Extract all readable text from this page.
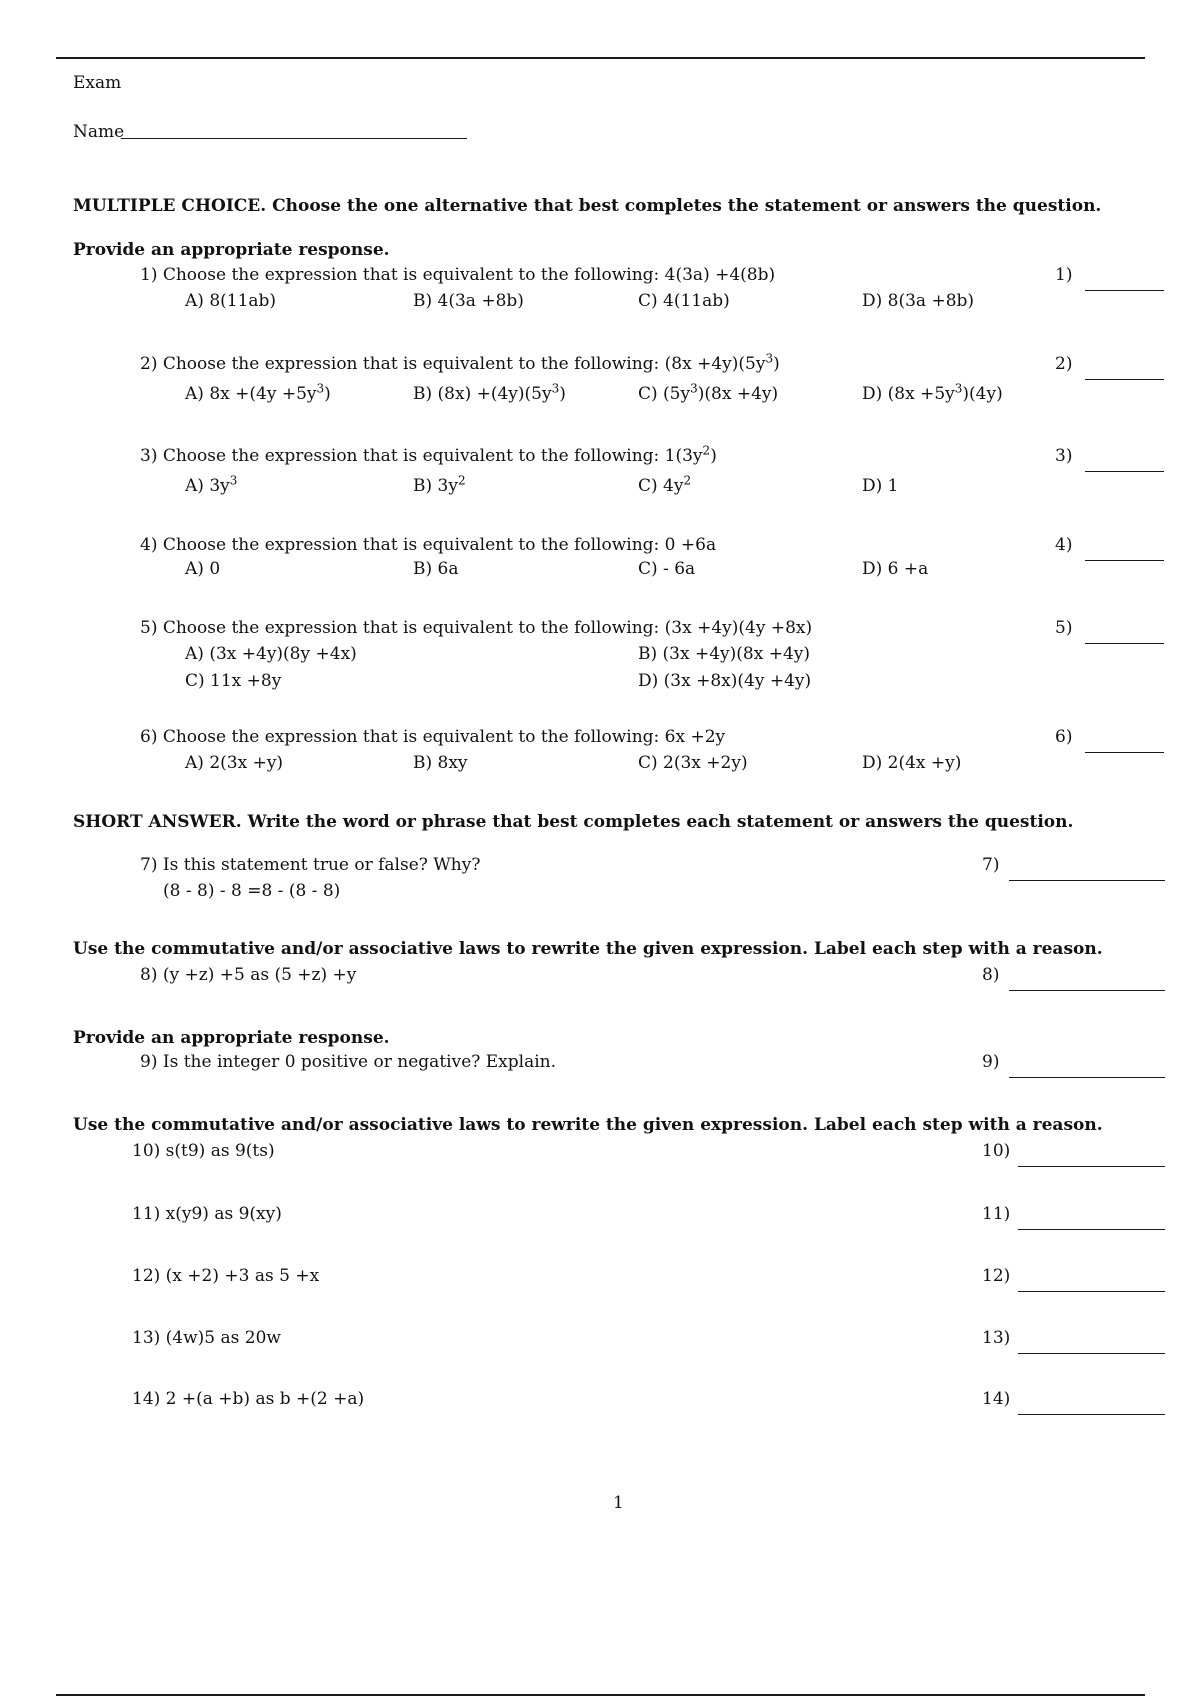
Exam
Name
MULTIPLE CHOICE. Choose the one alternative that best completes the statement or answers the question.
Provide an appropriate response.
1) Choose the expression that is equivalent to the following: 4(3a) +4(8b)	1)
A) 8(11ab)	B) 4(3a +8b)	C) 4(11ab)	D) 8(3a +8b)
2) Choose the expression that is equivalent to the following: $(8x +4y)(5y^3)$	2)
A) $8x +(4y +5y^3)$	B) $(8x) +(4y)(5y^3)$	C) $(5y^3)(8x +4y)$	D) $(8x +5y^3)(4y)$
3) Choose the expression that is equivalent to the following: $1(3y^2)$	3)
A) $3y^3$	B) $3y^2$	C) $4y^2$	D) 1
4) Choose the expression that is equivalent to the following: 0 +6a	4)
A) 0	B) 6a	C) - 6a	D) 6 +a
5) Choose the expression that is equivalent to the following: (3x +4y)(4y +8x)	5)
A) (3x +4y)(8y +4x)	B) (3x +4y)(8x +4y)
C) 11x +8y	D) (3x +8x)(4y +4y)
6) Choose the expression that is equivalent to the following: 6x +2y	6)
A) 2(3x +y)	B) 8xy	C) 2(3x +2y)	D) 2(4x +y)
SHORT ANSWER. Write the word or phrase that best completes each statement or answers the question.
7) Is this statement true or false? Why?
(8 - 8) - 8 =8 - (8 - 8)
7)
Use the commutative and/or associative laws to rewrite the given expression. Label each step with a reason.
8) (y +z) +5 as (5 +z) +y	8)
Provide an appropriate response.
9) Is the integer 0 positive or negative? Explain.	9)
Use the commutative and/or associative laws to rewrite the given expression. Label each step with a reason.
10) s(t9) as 9(ts)	10)
11) x(y9) as 9(xy)	11)
12) (x +2) +3 as 5 +x	12)
13) (4w)5 as 20w	13)
14) 2 +(a +b) as b +(2 +a)	14)
1
